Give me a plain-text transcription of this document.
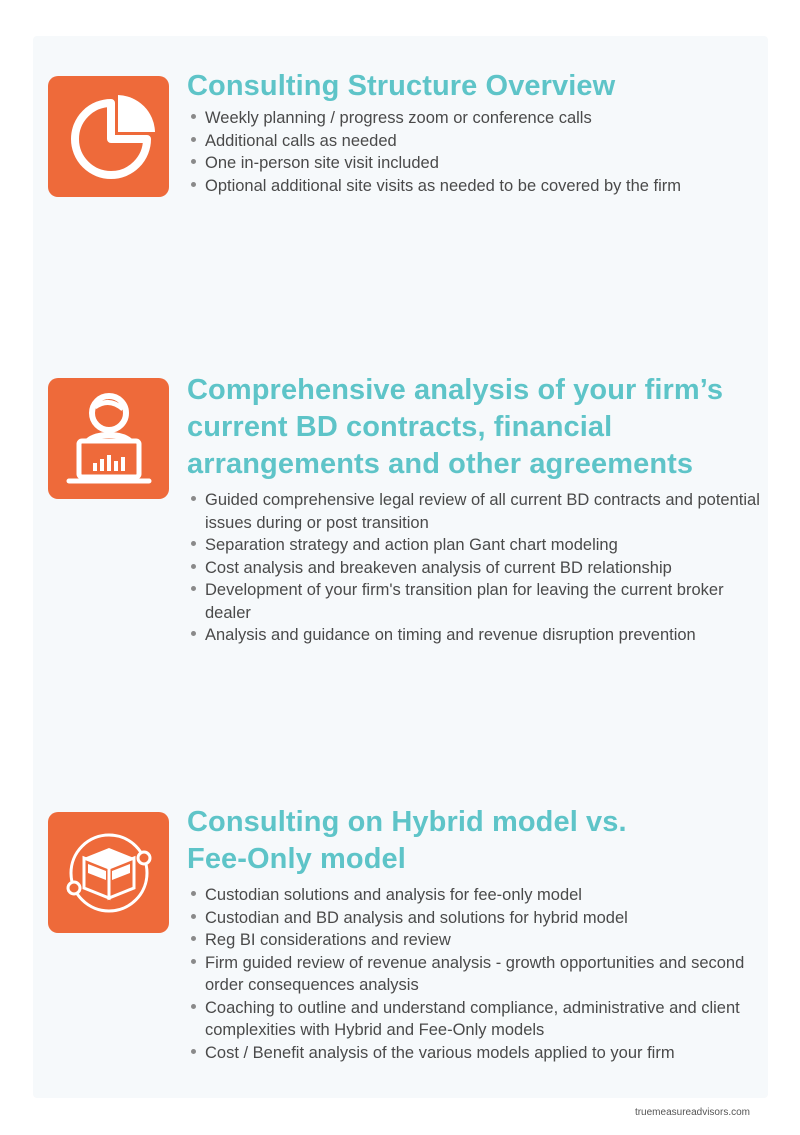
Consulting Structure Overview
Weekly planning / progress zoom or conference calls
Additional calls as needed
One in-person site visit included
Optional additional site visits as needed to be covered by the firm
Comprehensive analysis of your firm’s current BD contracts, financial arrangements and other agreements
Guided comprehensive legal review of all current BD contracts and potential issues during or post transition
Separation strategy and action plan Gant chart modeling
Cost analysis and breakeven analysis of current BD relationship
Development of your firm's transition plan for leaving the current broker dealer
Analysis and guidance on timing and revenue disruption prevention
Consulting on Hybrid model vs. Fee-Only model
Custodian solutions and analysis for fee-only model
Custodian and BD analysis and solutions for hybrid model
Reg BI considerations and review
Firm guided review of revenue analysis - growth opportunities and second order consequences analysis
Coaching to outline and understand compliance, administrative and client complexities with Hybrid and Fee-Only models
Cost / Benefit analysis of the various models applied to your firm
truemeasureadvisors.com
